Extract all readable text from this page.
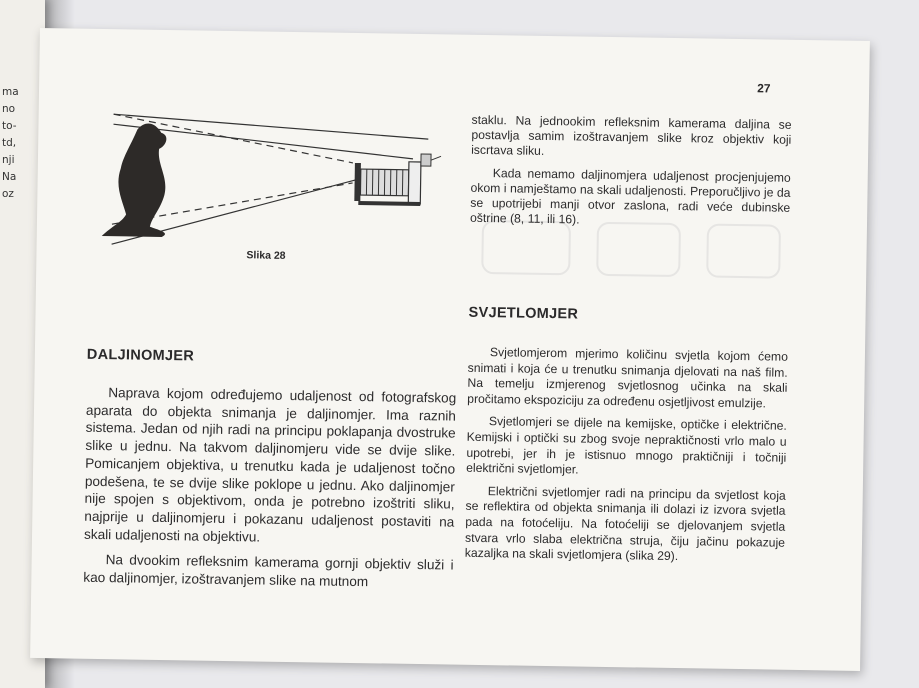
ma
no
to-
td,
nji
Na
oz
27
Slika 28
DALJINOMJER

Naprava kojom određujemo udaljenost od fotografskog aparata do objekta snimanja je daljinomjer. Ima raznih sistema. Jedan od njih radi na principu poklapanja dvostruke slike u jednu. Na takvom daljinomjeru vide se dvije slike. Pomicanjem objektiva, u trenutku kada je udaljenost točno podešena, te se dvije slike poklope u jednu. Ako daljinomjer nije spojen s objektivom, onda je potrebno izoštriti sliku, najprije u daljinomjeru i pokazanu udaljenost postaviti na skali udaljenosti na objektivu.

Na dvookim refleksnim kamerama gornji objektiv služi i kao daljinomjer, izoštravanjem slike na mutnom

staklu. Na jednookim refleksnim kamerama daljina se postavlja samim izoštravanjem slike kroz objektiv koji iscrtava sliku.

Kada nemamo daljinomjera udaljenost procjenjujemo okom i namještamo na skali udaljenosti. Preporučljivo je da se upotrijebi manji otvor zaslona, radi veće dubinske oštrine (8, 11, ili 16).

SVJETLOMJER

Svjetlomjerom mjerimo količinu svjetla kojom ćemo snimati i koja će u trenutku snimanja djelovati na naš film. Na temelju izmjerenog svjetlosnog učinka na skali pročitamo ekspoziciju za određenu osjetljivost emulzije.

Svjetlomjeri se dijele na kemijske, optičke i električne. Kemijski i optički su zbog svoje nepraktičnosti vrlo malo u upotrebi, jer ih je istisnuo mnogo praktičniji i točniji električni svjetlomjer.

Električni svjetlomjer radi na principu da svjetlost koja se reflektira od objekta snimanja ili dolazi iz izvora svjetla pada na fotoćeliju. Na fotoćeliji se djelovanjem svjetla stvara vrlo slaba električna struja, čiju jačinu pokazuje kazaljka na skali svjetlomjera (slika 29).
